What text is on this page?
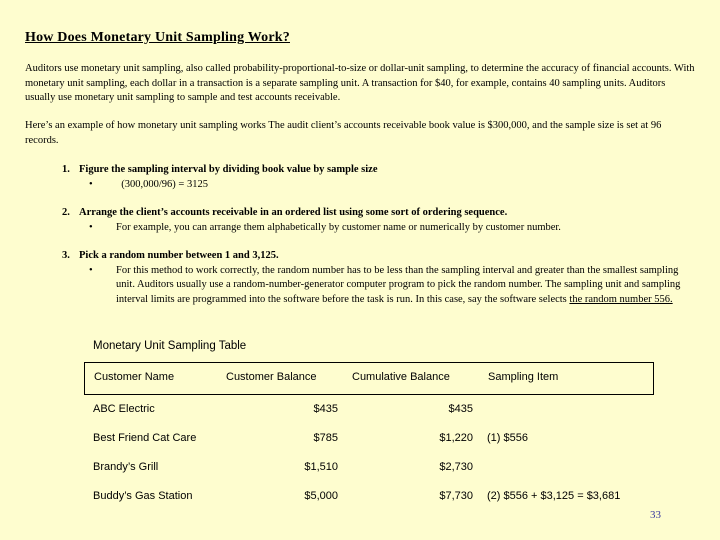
How Does Monetary Unit Sampling Work?
Auditors use monetary unit sampling, also called probability-proportional-to-size or dollar-unit sampling, to determine the accuracy of financial accounts. With monetary unit sampling, each dollar in a transaction is a separate sampling unit. A transaction for $40, for example, contains 40 sampling units. Auditors usually use monetary unit sampling to sample and test accounts receivable.
Here’s an example of how monetary unit sampling works The audit client’s accounts receivable book value is $300,000, and the sample size is set at 96 records.
1. Figure the sampling interval by dividing book value by sample size
• (300,000/96) = 3125
2. Arrange the client’s accounts receivable in an ordered list using some sort of ordering sequence.
• For example, you can arrange them alphabetically by customer name or numerically by customer number.
3. Pick a random number between 1 and 3,125.
• For this method to work correctly, the random number has to be less than the sampling interval and greater than the smallest sampling unit. Auditors usually use a random-number-generator computer program to pick the random number. The sampling unit and sampling interval limits are programmed into the software before the task is run. In this case, say the software selects the random number 556.
Monetary Unit Sampling Table
Customer Name	Customer Balance	Cumulative Balance	Sampling Item
ABC Electric	$435	$435
Best Friend Cat Care	$785	$1,220 (1) $556
Brandy’s Grill	$1,510	$2,730
Buddy’s Gas Station	$5,000	$7,730 (2) $556 + $3,125 = $3,681
33
